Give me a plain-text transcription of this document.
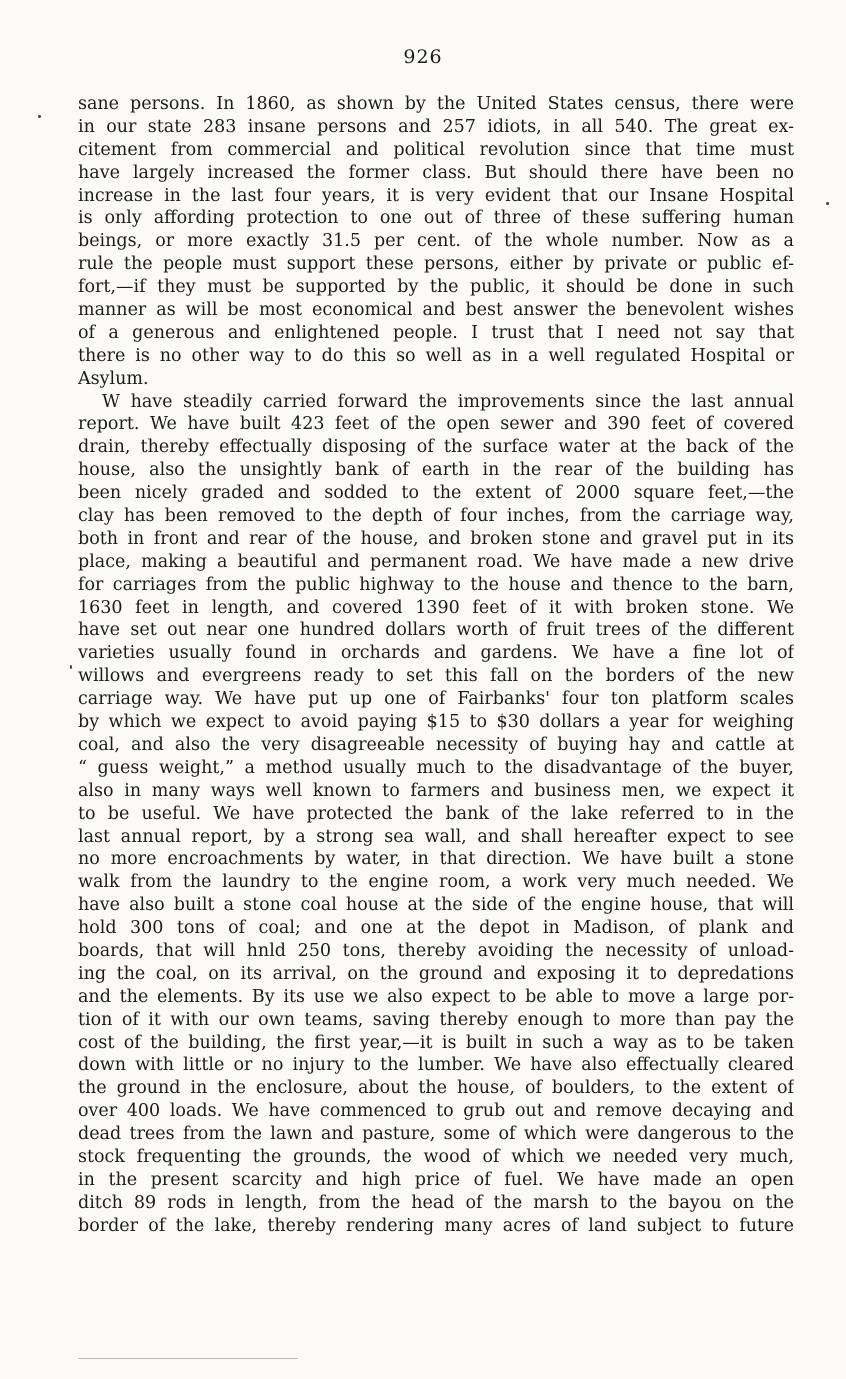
926
sane persons. In 1860, as shown by the United States census, there were
in our state 283 insane persons and 257 idiots, in all 540. The great ex-
citement from commercial and political revolution since that time must
have largely increased the former class. But should there have been no
increase in the last four years, it is very evident that our Insane Hospital
is only affording protection to one out of three of these suffering human
beings, or more exactly 31.5 per cent. of the whole number. Now as a
rule the people must support these persons, either by private or public ef-
fort,—if they must be supported by the public, it should be done in such
manner as will be most economical and best answer the benevolent wishes
of a generous and enlightened people. I trust that I need not say that
there is no other way to do this so well as in a well regulated Hospital or
Asylum.
W have steadily carried forward the improvements since the last annual
report. We have built 423 feet of the open sewer and 390 feet of covered
drain, thereby effectually disposing of the surface water at the back of the
house, also the unsightly bank of earth in the rear of the building has
been nicely graded and sodded to the extent of 2000 square feet,—the
clay has been removed to the depth of four inches, from the carriage way,
both in front and rear of the house, and broken stone and gravel put in its
place, making a beautiful and permanent road. We have made a new drive
for carriages from the public highway to the house and thence to the barn,
1630 feet in length, and covered 1390 feet of it with broken stone. We
have set out near one hundred dollars worth of fruit trees of the different
varieties usually found in orchards and gardens. We have a fine lot of
willows and evergreens ready to set this fall on the borders of the new
carriage way. We have put up one of Fairbanks' four ton platform scales
by which we expect to avoid paying $15 to $30 dollars a year for weighing
coal, and also the very disagreeable necessity of buying hay and cattle at
“ guess weight,” a method usually much to the disadvantage of the buyer,
also in many ways well known to farmers and business men, we expect it
to be useful. We have protected the bank of the lake referred to in the
last annual report, by a strong sea wall, and shall hereafter expect to see
no more encroachments by water, in that direction. We have built a stone
walk from the laundry to the engine room, a work very much needed. We
have also built a stone coal house at the side of the engine house, that will
hold 300 tons of coal; and one at the depot in Madison, of plank and
boards, that will hnld 250 tons, thereby avoiding the necessity of unload-
ing the coal, on its arrival, on the ground and exposing it to depredations
and the elements. By its use we also expect to be able to move a large por-
tion of it with our own teams, saving thereby enough to more than pay the
cost of the building, the first year,—it is built in such a way as to be taken
down with little or no injury to the lumber. We have also effectually cleared
the ground in the enclosure, about the house, of boulders, to the extent of
over 400 loads. We have commenced to grub out and remove decaying and
dead trees from the lawn and pasture, some of which were dangerous to the
stock frequenting the grounds, the wood of which we needed very much,
in the present scarcity and high price of fuel. We have made an open
ditch 89 rods in length, from the head of the marsh to the bayou on the
border of the lake, thereby rendering many acres of land subject to future
